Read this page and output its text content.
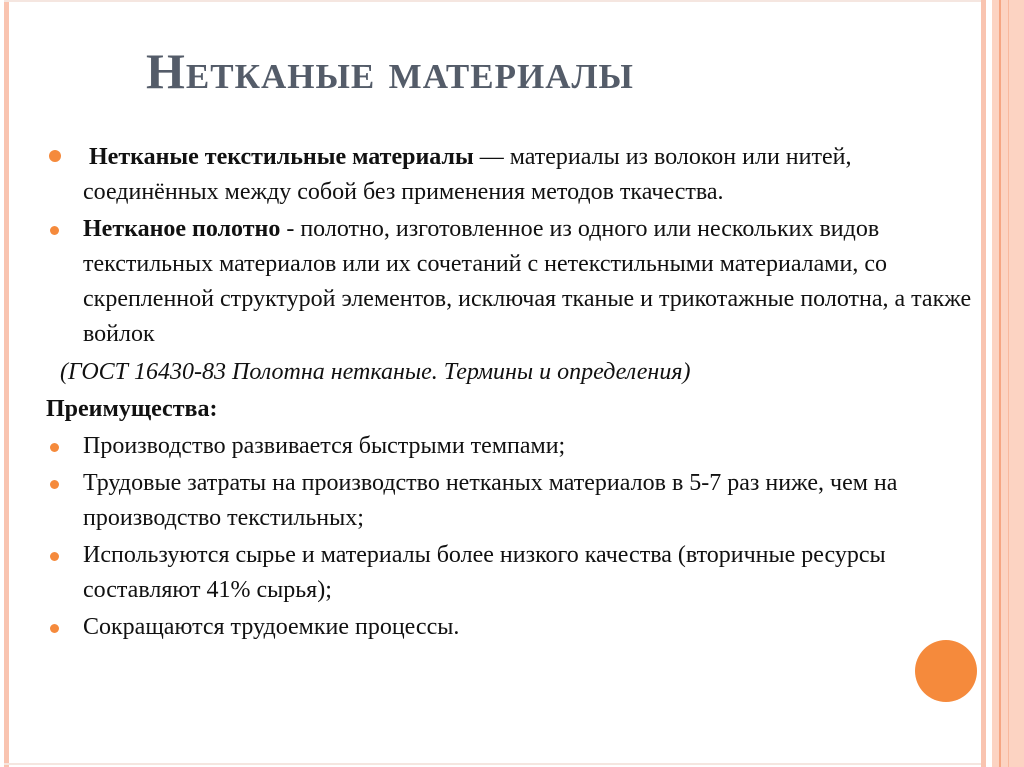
Нетканые материалы
Нетканые текстильные материалы — материалы из волокон или нитей, соединённых между собой без применения методов ткачества.
Нетканое полотно - полотно, изготовленное из одного или нескольких видов текстильных материалов или их сочетаний с нетекстильными материалами, со скрепленной структурой элементов, исключая тканые и трикотажные полотна, а также войлок
(ГОСТ 16430-83 Полотна нетканые. Термины и определения)
Преимущества:
Производство развивается быстрыми темпами;
Трудовые затраты на производство нетканых материалов в 5-7 раз ниже, чем на производство текстильных;
Используются сырье и материалы более низкого качества (вторичные ресурсы составляют 41% сырья);
Сокращаются трудоемкие процессы.
